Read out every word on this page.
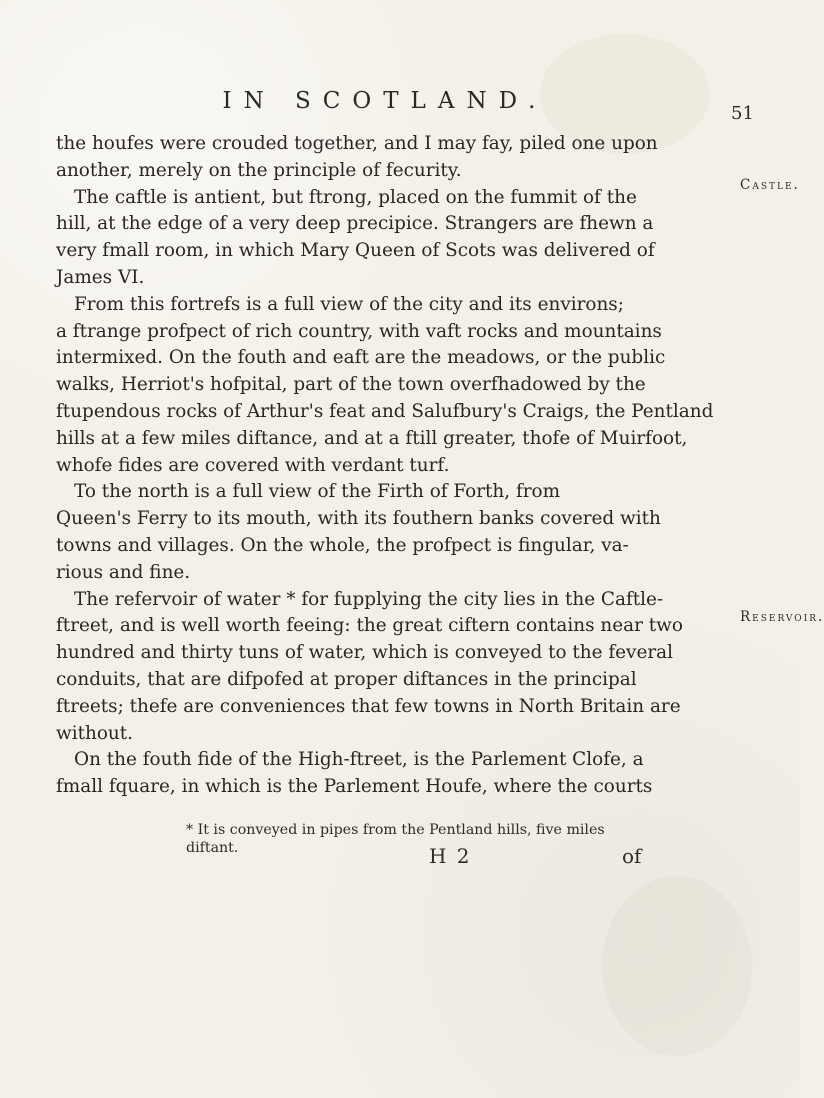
IN SCOTLAND.	51
Castle.
Reservoir.

the houfes were crouded together, and I may fay, piled one upon

another, merely on the principle of fecurity.

The caftle is antient, but ftrong, placed on the fummit of the

hill, at the edge of a very deep precipice. Strangers are fhewn a

very fmall room, in which Mary Queen of Scots was delivered of

James VI.

From this fortrefs is a full view of the city and its environs;

a ftrange profpect of rich country, with vaft rocks and mountains

intermixed. On the fouth and eaft are the meadows, or the public

walks, Herriot's hofpital, part of the town overfhadowed by the

ftupendous rocks of Arthur's feat and Salufbury's Craigs, the Pentland

hills at a few miles diftance, and at a ftill greater, thofe of Muirfoot,

whofe fides are covered with verdant turf.

To the north is a full view of the Firth of Forth, from

Queen's Ferry to its mouth, with its fouthern banks covered with

towns and villages. On the whole, the profpect is fingular, va-

rious and fine.

The refervoir of water * for fupplying the city lies in the Caftle-

ftreet, and is well worth feeing: the great ciftern contains near two

hundred and thirty tuns of water, which is conveyed to the feveral

conduits, that are difpofed at proper diftances in the principal

ftreets; thefe are conveniences that few towns in North Britain are

without.

On the fouth fide of the High-ftreet, is the Parlement Clofe, a

fmall fquare, in which is the Parlement Houfe, where the courts

* It is conveyed in pipes from the Pentland hills, five miles diftant.	H 2	of
